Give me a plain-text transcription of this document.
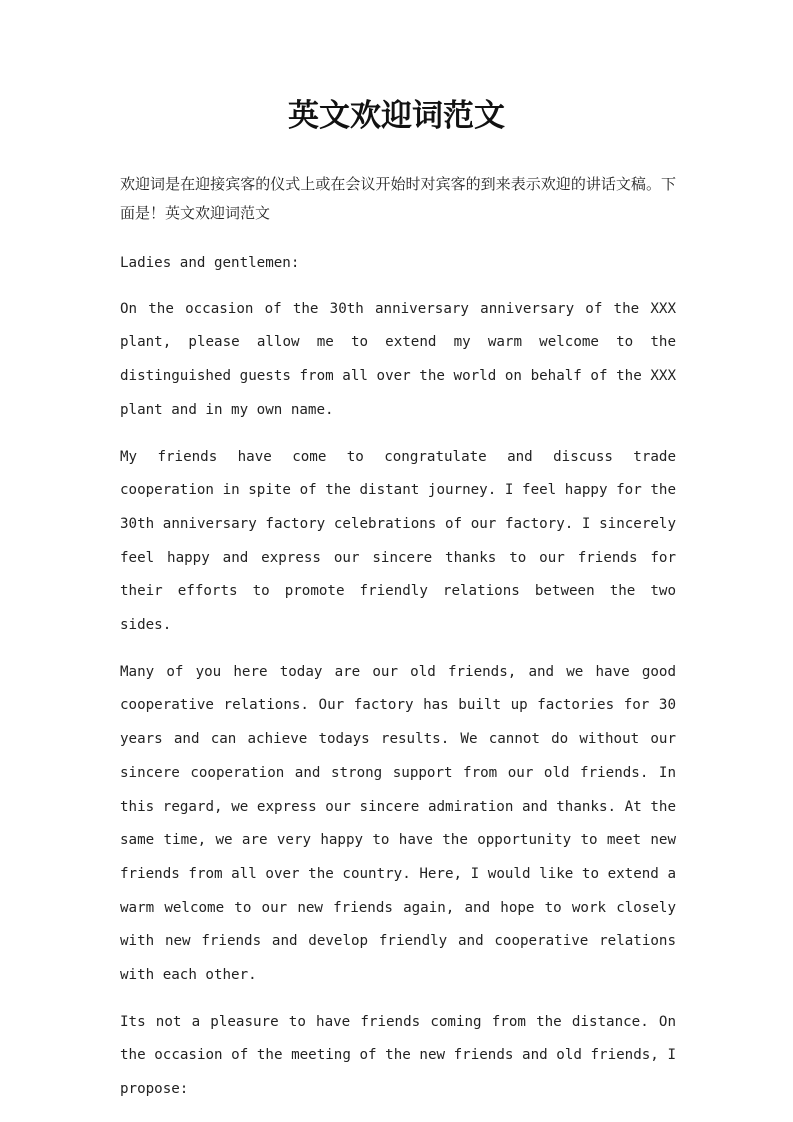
英文欢迎词范文

欢迎词是在迎接宾客的仪式上或在会议开始时对宾客的到来表示欢迎的讲话文稿。下面是！英文欢迎词范文

Ladies and gentlemen:

On the occasion of the 30th anniversary anniversary of the XXX plant, please allow me to extend my warm welcome to the distinguished guests from all over the world on behalf of the XXX plant and in my own name.

My friends have come to congratulate and discuss trade cooperation in spite of the distant journey. I feel happy for the 30th anniversary factory celebrations of our factory. I sincerely feel happy and express our sincere thanks to our friends for their efforts to promote friendly relations between the two sides.

Many of you here today are our old friends, and we have good cooperative relations. Our factory has built up factories for 30 years and can achieve todays results. We cannot do without our sincere cooperation and strong support from our old friends. In this regard, we express our sincere admiration and thanks. At the same time, we are very happy to have the opportunity to meet new friends from all over the country. Here, I would like to extend a warm welcome to our new friends again, and hope to work closely with new friends and develop friendly and cooperative relations with each other.

Its not a pleasure to have friends coming from the distance. On the occasion of the meeting of the new friends and old friends, I propose:
